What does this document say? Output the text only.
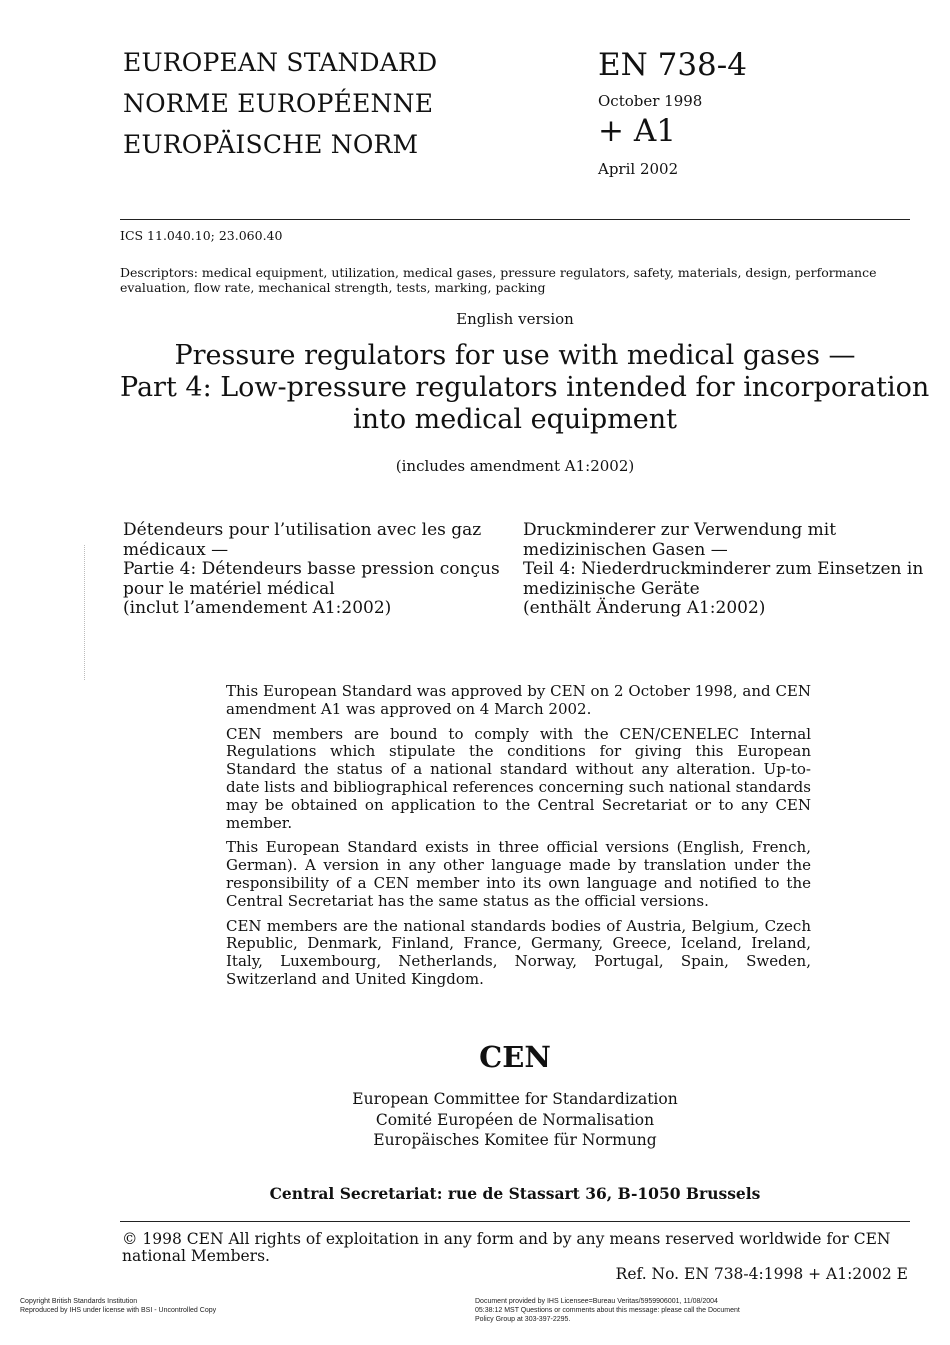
EUROPEAN STANDARD
NORME EUROPÉENNE
EUROPÄISCHE NORM
EN 738-4
October 1998
+ A1
April 2002
ICS 11.040.10; 23.060.40
Descriptors: medical equipment, utilization, medical gases, pressure regulators, safety, materials, design, performance evaluation, flow rate, mechanical strength, tests, marking, packing
English version
Pressure regulators for use with medical gases —
Part 4: Low-pressure regulators intended for incorporation
into medical equipment
(includes amendment A1:2002)
Détendeurs pour l’utilisation avec les gaz
médicaux —
Partie 4: Détendeurs basse pression conçus
pour le matériel médical
(inclut l’amendement A1:2002)
Druckminderer zur Verwendung mit
medizinischen Gasen —
Teil 4: Niederdruckminderer zum Einsetzen in
medizinische Geräte
(enthält Änderung A1:2002)

This European Standard was approved by CEN on 2 October 1998, and CEN amendment A1 was approved on 4 March 2002.

CEN members are bound to comply with the CEN/CENELEC Internal Regulations which stipulate the conditions for giving this European Standard the status of a national standard without any alteration. Up-to-date lists and bibliographical references concerning such national standards may be obtained on application to the Central Secretariat or to any CEN member.

This European Standard exists in three official versions (English, French, German). A version in any other language made by translation under the responsibility of a CEN member into its own language and notified to the Central Secretariat has the same status as the official versions.

CEN members are the national standards bodies of Austria, Belgium, Czech Republic, Denmark, Finland, France, Germany, Greece, Iceland, Ireland, Italy, Luxembourg, Netherlands, Norway, Portugal, Spain, Sweden, Switzerland and United Kingdom.

CEN
European Committee for Standardization
Comité Européen de Normalisation
Europäisches Komitee für Normung
Central Secretariat: rue de Stassart 36, B-1050 Brussels
© 1998 CEN All rights of exploitation in any form and by any means reserved worldwide for CEN national Members.
Ref. No. EN 738-4:1998 + A1:2002 E
Copyright British Standards Institution
Reproduced by IHS under license with BSI - Uncontrolled Copy
Document provided by IHS Licensee=Bureau Veritas/5959906001, 11/08/2004
05:38:12 MST Questions or comments about this message: please call the Document
Policy Group at 303-397-2295.
